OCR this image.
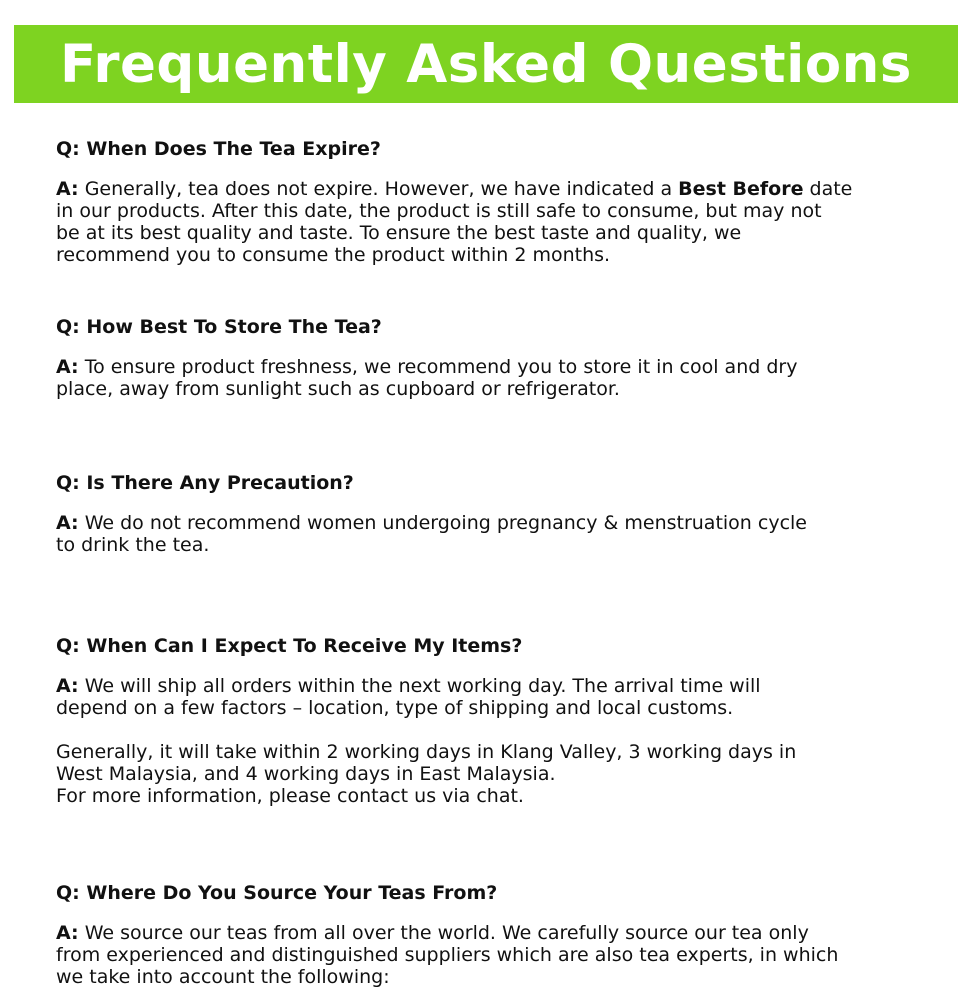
Frequently Asked Questions

Q: When Does The Tea Expire?

A: Generally, tea does not expire. However, we have indicated a Best Before date
in our products. After this date, the product is still safe to consume, but may not
be at its best quality and taste. To ensure the best taste and quality, we
recommend you to consume the product within 2 months.

Q: How Best To Store The Tea?

A: To ensure product freshness, we recommend you to store it in cool and dry
place, away from sunlight such as cupboard or refrigerator.

Q: Is There Any Precaution?

A: We do not recommend women undergoing pregnancy & menstruation cycle
to drink the tea.

Q: When Can I Expect To Receive My Items?

A: We will ship all orders within the next working day. The arrival time will
depend on a few factors – location, type of shipping and local customs.

Generally, it will take within 2 working days in Klang Valley, 3 working days in
West Malaysia, and 4 working days in East Malaysia.
For more information, please contact us via chat.

Q: Where Do You Source Your Teas From?

A: We source our teas from all over the world. We carefully source our tea only
from experienced and distinguished suppliers which are also tea experts, in which
we take into account the following:
